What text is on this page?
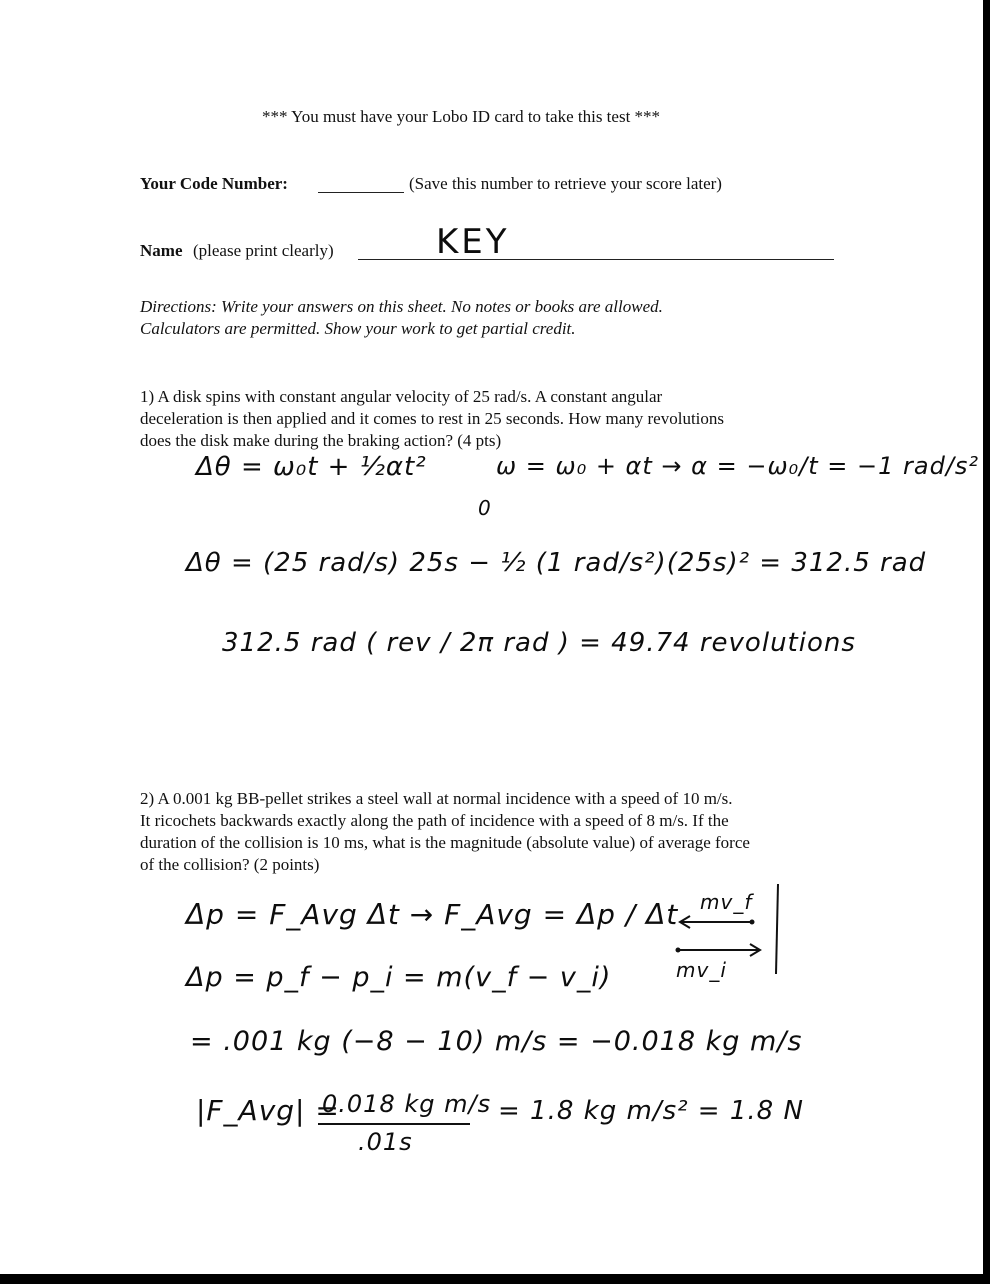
*** You must have your Lobo ID card to take this test ***
Your Code Number:	(Save this number to retrieve your score later)
Name (please print clearly)	KEY
Directions: Write your answers on this sheet. No notes or books are allowed.
Calculators are permitted. Show your work to get partial credit.
1) A disk spins with constant angular velocity of 25 rad/s. A constant angular
deceleration is then applied and it comes to rest in 25 seconds. How many revolutions
does the disk make during the braking action? (4 pts)
Δθ = ω₀t + ½αt²	ω = ω₀ + αt → α = −ω₀/t = −1 rad/s²
0
Δθ = (25 rad/s) 25s − ½ (1 rad/s²)(25s)² = 312.5 rad
312.5 rad ( rev / 2π rad ) = 49.74 revolutions
2) A 0.001 kg BB-pellet strikes a steel wall at normal incidence with a speed of 10 m/s.
It ricochets backwards exactly along the path of incidence with a speed of 8 m/s. If the
duration of the collision is 10 ms, what is the magnitude (absolute value) of average force
of the collision? (2 points)
Δp = F_Avg Δt → F_Avg = Δp / Δt
Δp = p_f − p_i = m(v_f − v_i)
= .001 kg (−8 − 10) m/s = −0.018 kg m/s
|F_Avg| =
0.018 kg m/s
.01s
= 1.8 kg m/s² = 1.8 N
mv_f
mv_i
